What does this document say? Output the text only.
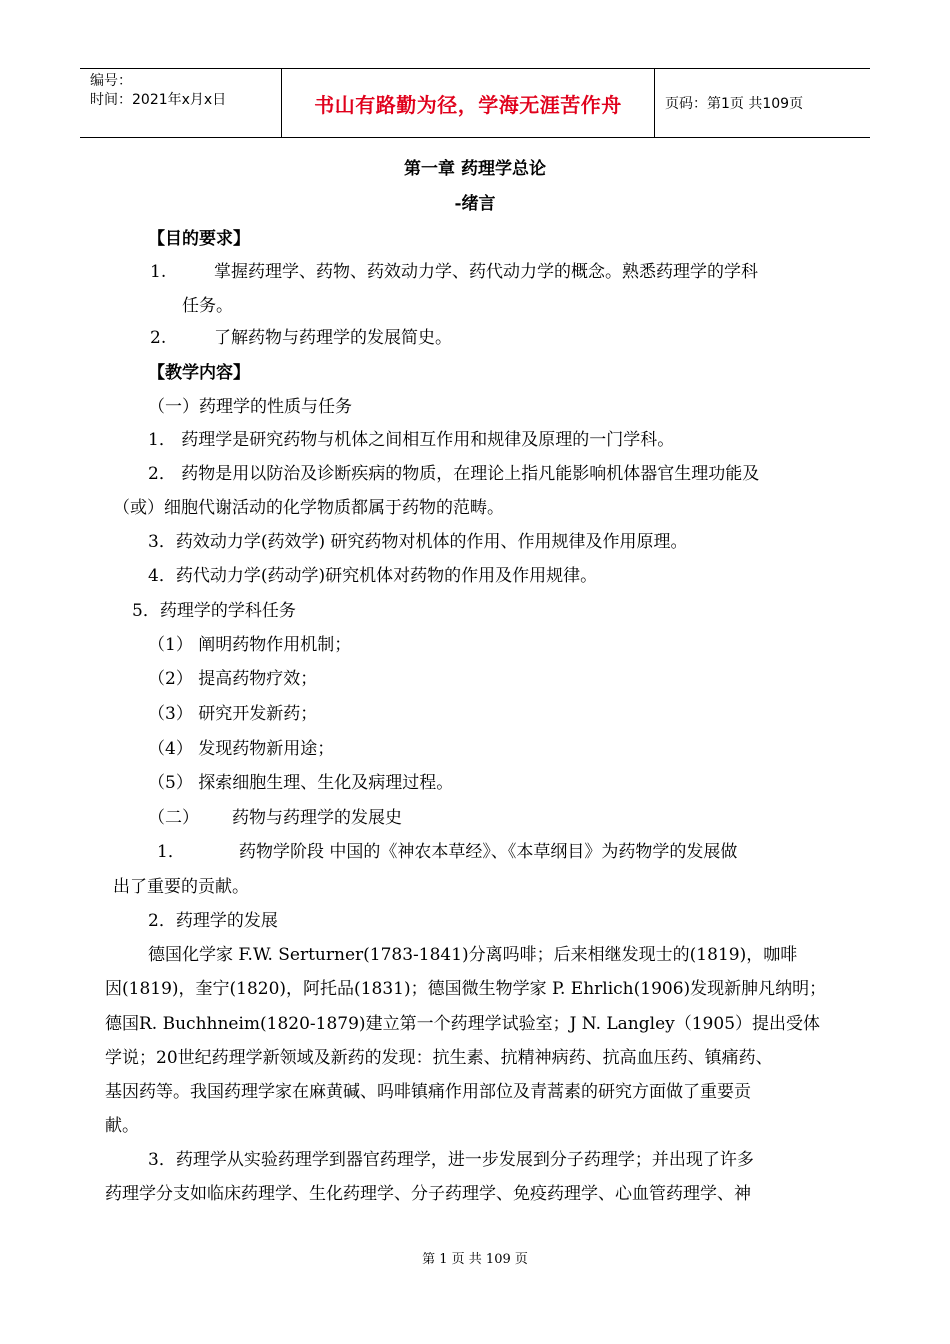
编号：
时间：2021年x月x日	书山有路勤为径，学海无涯苦作舟	页码：第1页 共109页
第一章 药理学总论
-绪言
【目的要求】
1.	掌握药理学、药物、药效动力学、药代动力学的概念。熟悉药理学的学科
任务。
2.	了解药物与药理学的发展简史。
【教学内容】
（一）药理学的性质与任务
1． 药理学是研究药物与机体之间相互作用和规律及原理的一门学科。
2． 药物是用以防治及诊断疾病的物质，在理论上指凡能影响机体器官生理功能及
（或）细胞代谢活动的化学物质都属于药物的范畴。
3．药效动力学(药效学) 研究药物对机体的作用、作用规律及作用原理。
4．药代动力学(药动学)研究机体对药物的作用及作用规律。
5．药理学的学科任务
（1） 阐明药物作用机制；
（2） 提高药物疗效；
（3） 研究开发新药；
（4） 发现药物新用途；
（5） 探索细胞生理、生化及病理过程。
（二） 药物与药理学的发展史
1．	药物学阶段 中国的《神农本草经》、《本草纲目》为药物学的发展做
出了重要的贡献。
2．药理学的发展
德国化学家 F.W. Serturner(1783-1841)分离吗啡；后来相继发现士的(1819)，咖啡
因(1819)，奎宁(1820)，阿托品(1831)；德国微生物学家 P. Ehrlich(1906)发现新胂凡纳明；
德国R. Buchhneim(1820-1879)建立第一个药理学试验室；J N. Langley（1905）提出受体
学说；20世纪药理学新领域及新药的发现：抗生素、抗精神病药、抗高血压药、镇痛药、
基因药等。我国药理学家在麻黄碱、吗啡镇痛作用部位及青蒿素的研究方面做了重要贡
献。
3．药理学从实验药理学到器官药理学，进一步发展到分子药理学；并出现了许多
药理学分支如临床药理学、生化药理学、分子药理学、免疫药理学、心血管药理学、神
第 1 页 共 109 页
